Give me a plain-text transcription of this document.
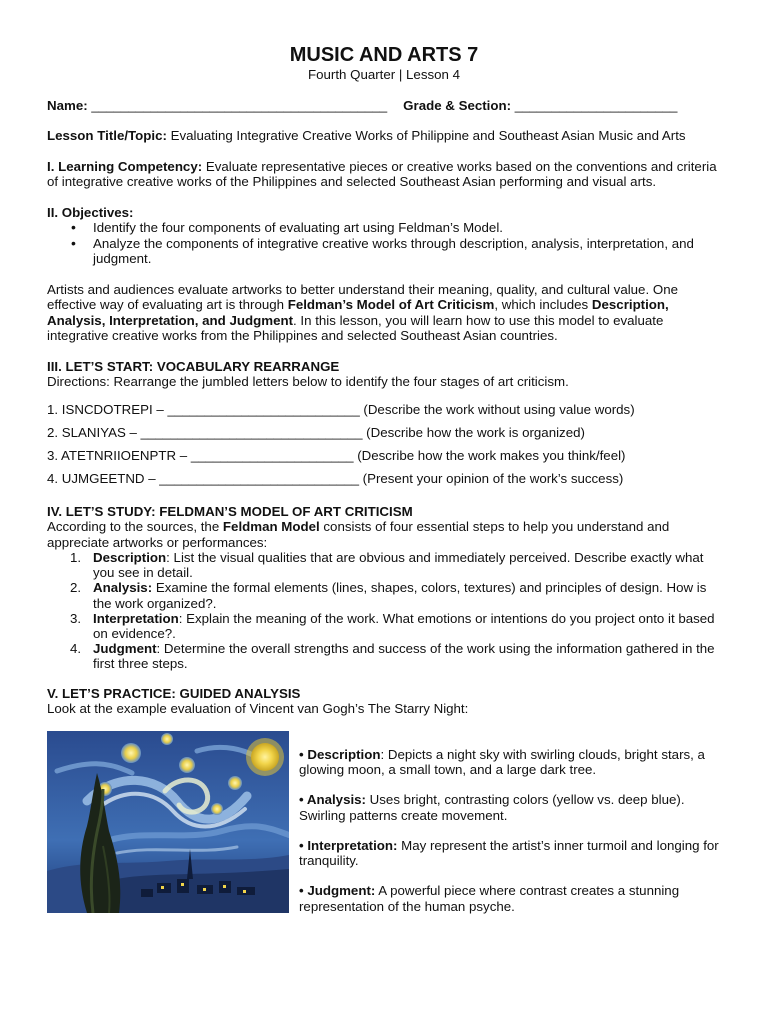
MUSIC AND ARTS 7
Fourth Quarter | Lesson 4
Name: ________________________________________ Grade & Section: ______________________

Lesson Title/Topic: Evaluating Integrative Creative Works of Philippine and Southeast Asian Music and Arts

I. Learning Competency: Evaluate representative pieces or creative works based on the conventions and criteria of integrative creative works of the Philippines and selected Southeast Asian performing and visual arts.

II. Objectives:

• Identify the four components of evaluating art using Feldman’s Model.
• Analyze the components of integrative creative works through description, analysis, interpretation, and judgment.

Artists and audiences evaluate artworks to better understand their meaning, quality, and cultural value. One effective way of evaluating art is through Feldman’s Model of Art Criticism, which includes Description, Analysis, Interpretation, and Judgment. In this lesson, you will learn how to use this model to evaluate integrative creative works from the Philippines and selected Southeast Asian countries.

III. LET’S START: VOCABULARY REARRANGE

Directions: Rearrange the jumbled letters below to identify the four stages of art criticism.

1. ISNCDOTREPI – __________________________ (Describe the work without using value words)
2. SLANIYAS – ______________________________ (Describe how the work is organized)
3. ATETNRIIOENPTR – ______________________ (Describe how the work makes you think/feel)
4. UJMGEETND – ___________________________ (Present your opinion of the work’s success)

IV. LET’S STUDY: FELDMAN’S MODEL OF ART CRITICISM

According to the sources, the Feldman Model consists of four essential steps to help you understand and appreciate artworks or performances:

1. Description: List the visual qualities that are obvious and immediately perceived. Describe exactly what you see in detail.
2. Analysis: Examine the formal elements (lines, shapes, colors, textures) and principles of design. How is the work organized?.
3. Interpretation: Explain the meaning of the work. What emotions or intentions do you project onto it based on evidence?.
4. Judgment: Determine the overall strengths and success of the work using the information gathered in the first three steps.

V. LET’S PRACTICE: GUIDED ANALYSIS

Look at the example evaluation of Vincent van Gogh’s The Starry Night:

• Description: Depicts a night sky with swirling clouds, bright stars, a glowing moon, a small town, and a large dark tree.

• Analysis: Uses bright, contrasting colors (yellow vs. deep blue). Swirling patterns create movement.

• Interpretation: May represent the artist’s inner turmoil and longing for tranquility.

• Judgment: A powerful piece where contrast creates a stunning representation of the human psyche.
